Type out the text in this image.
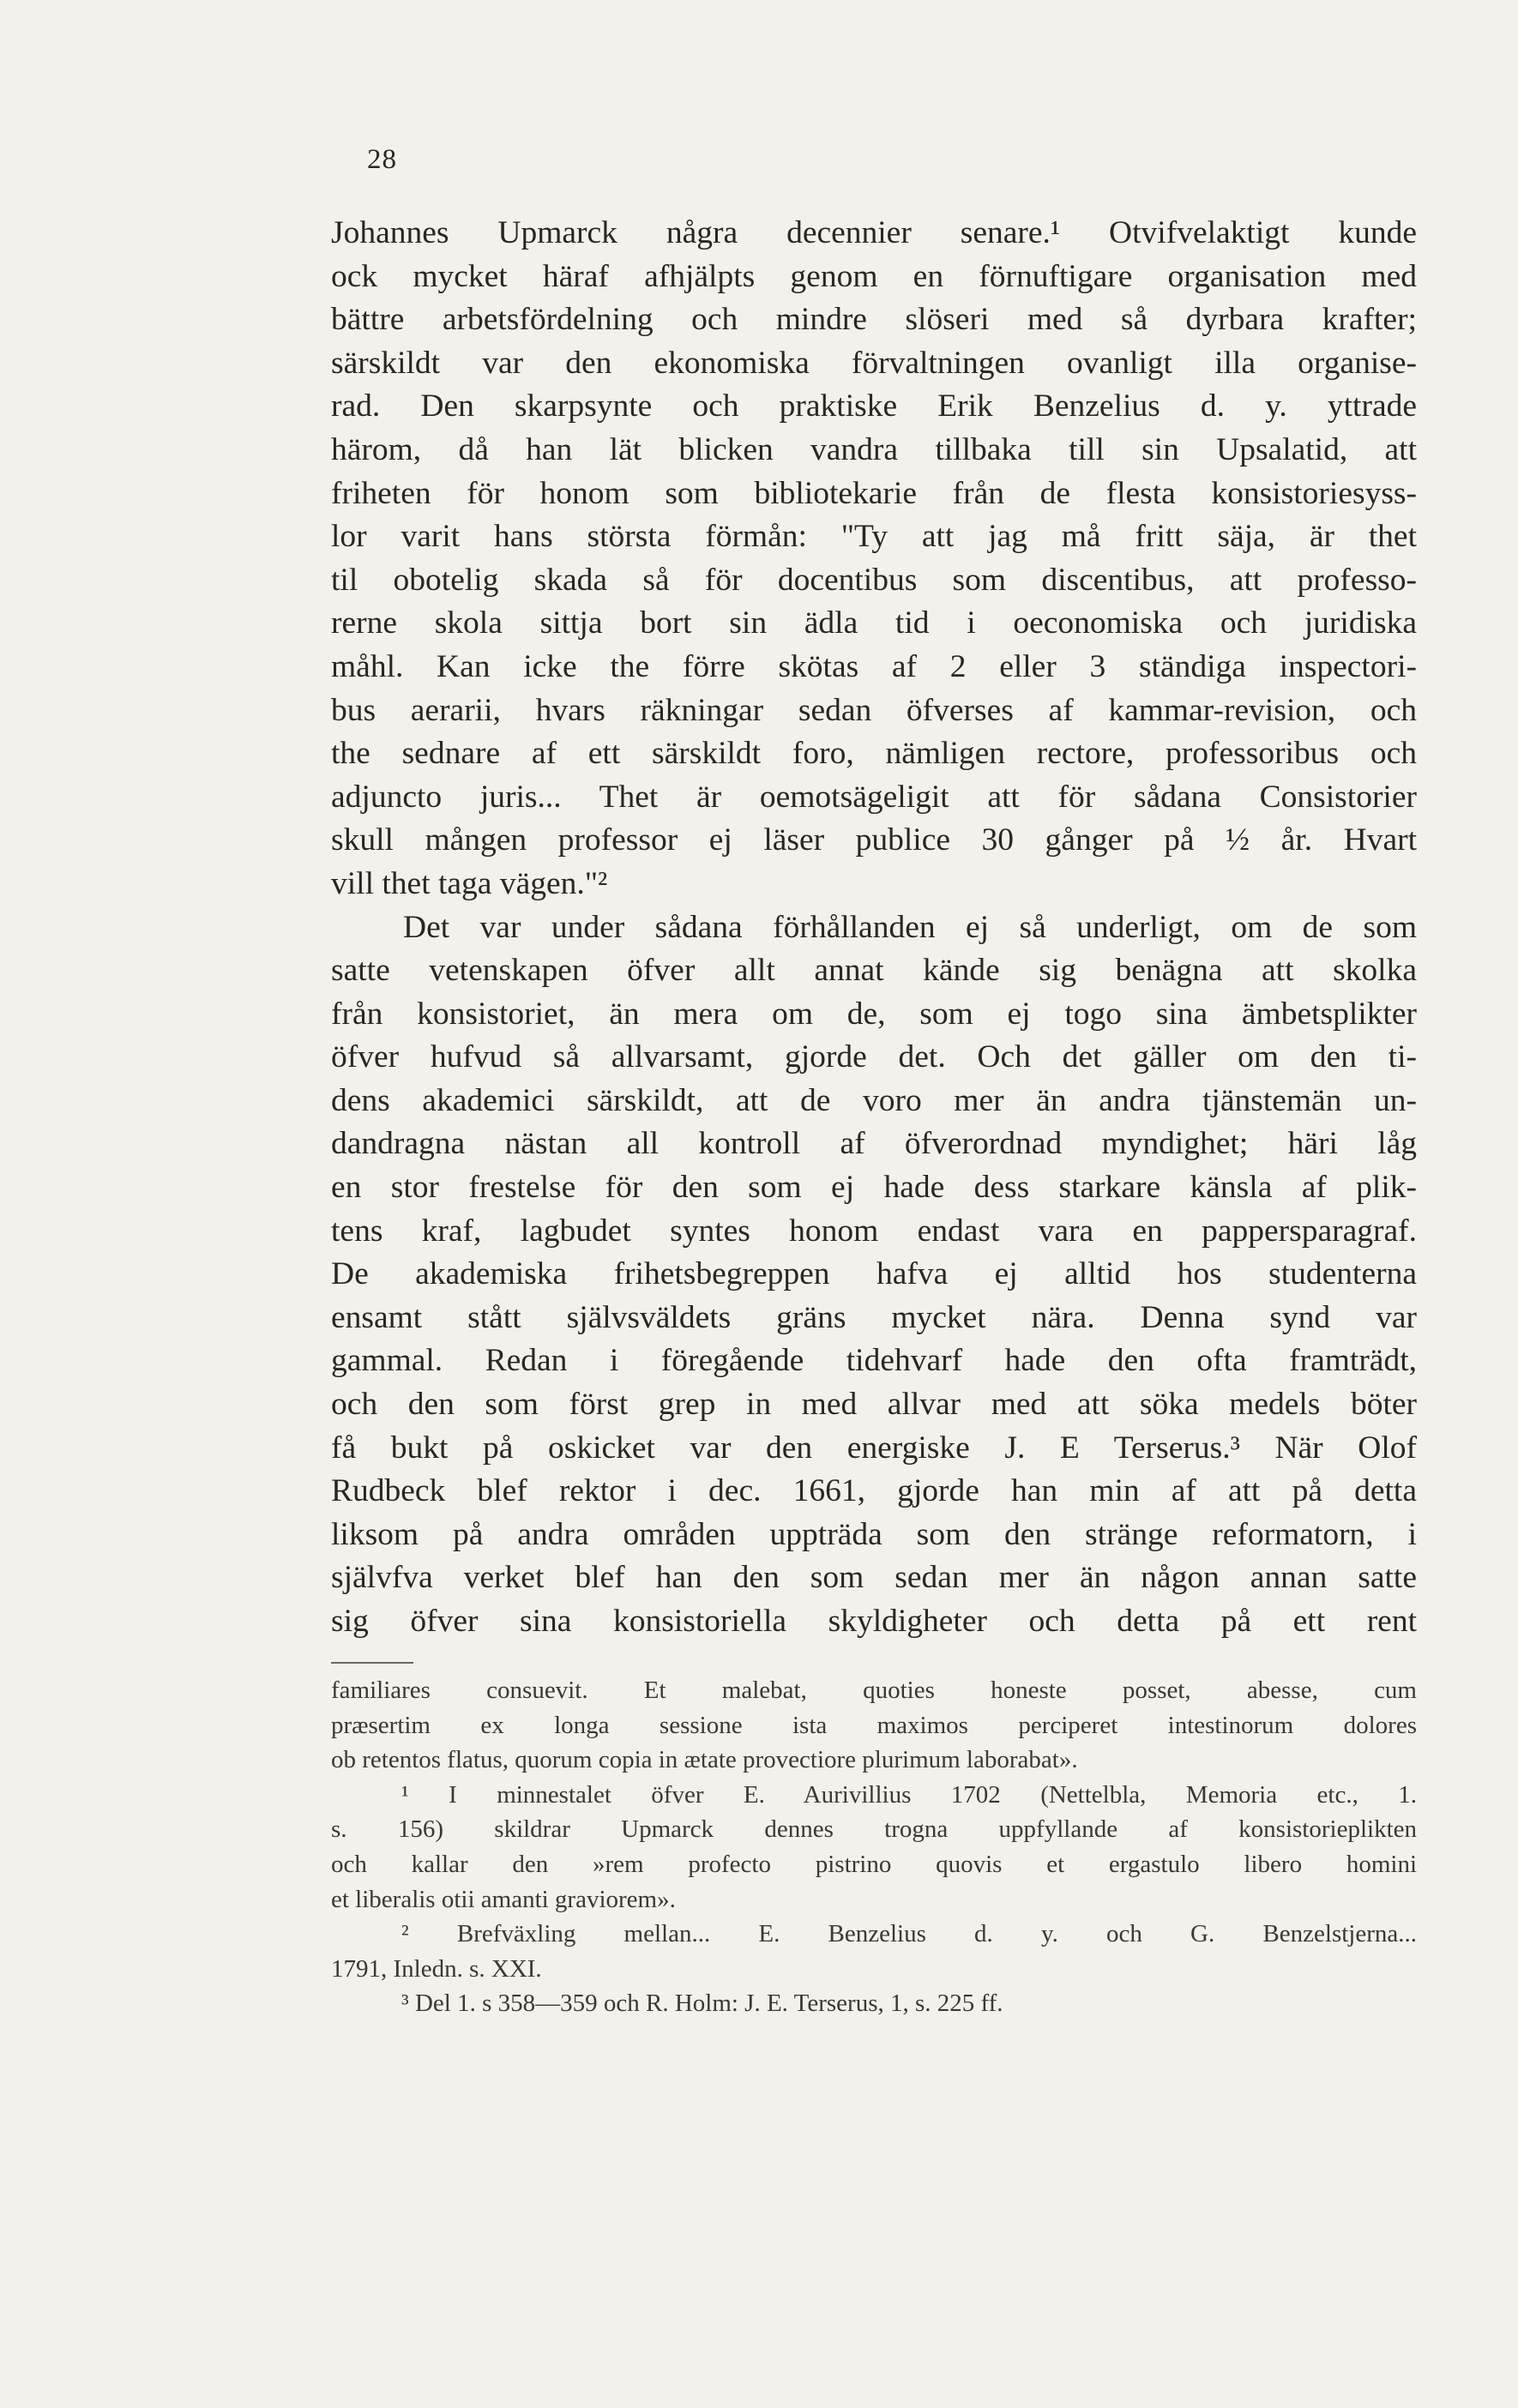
28
Johannes Upmarck några decennier senare.¹ Otvifvelaktigt kunde
ock mycket häraf afhjälpts genom en förnuftigare organisation med
bättre arbetsfördelning och mindre slöseri med så dyrbara krafter;
särskildt var den ekonomiska förvaltningen ovanligt illa organise-
rad. Den skarpsynte och praktiske Erik Benzelius d. y. yttrade
härom, då han lät blicken vandra tillbaka till sin Upsalatid, att
friheten för honom som bibliotekarie från de flesta konsistoriesyss-
lor varit hans största förmån: "Ty att jag må fritt säja, är thet
til obotelig skada så för docentibus som discentibus, att professo-
rerne skola sittja bort sin ädla tid i oeconomiska och juridiska
måhl. Kan icke the förre skötas af 2 eller 3 ständiga inspectori-
bus aerarii, hvars räkningar sedan öfverses af kammar-revision, och
the sednare af ett särskildt foro, nämligen rectore, professoribus och
adjuncto juris... Thet är oemotsägeligit att för sådana Consistorier
skull mången professor ej läser publice 30 gånger på ½ år. Hvart
vill thet taga vägen."²
Det var under sådana förhållanden ej så underligt, om de som
satte vetenskapen öfver allt annat kände sig benägna att skolka
från konsistoriet, än mera om de, som ej togo sina ämbetsplikter
öfver hufvud så allvarsamt, gjorde det. Och det gäller om den ti-
dens akademici särskildt, att de voro mer än andra tjänstemän un-
dandragna nästan all kontroll af öfverordnad myndighet; häri låg
en stor frestelse för den som ej hade dess starkare känsla af plik-
tens kraf, lagbudet syntes honom endast vara en pappersparagraf.
De akademiska frihetsbegreppen hafva ej alltid hos studenterna
ensamt stått självsväldets gräns mycket nära. Denna synd var
gammal. Redan i föregående tidehvarf hade den ofta framträdt,
och den som först grep in med allvar med att söka medels böter
få bukt på oskicket var den energiske J. E Terserus.³ När Olof
Rudbeck blef rektor i dec. 1661, gjorde han min af att på detta
liksom på andra områden uppträda som den stränge reformatorn, i
självfva verket blef han den som sedan mer än någon annan satte
sig öfver sina konsistoriella skyldigheter och detta på ett rent
familiares consuevit. Et malebat, quoties honeste posset, abesse, cum
præsertim ex longa sessione ista maximos perciperet intestinorum dolores
ob retentos flatus, quorum copia in ætate provectiore plurimum laborabat».
¹ I minnestalet öfver E. Aurivillius 1702 (Nettelbla, Memoria etc., 1.
s. 156) skildrar Upmarck dennes trogna uppfyllande af konsistorieplikten
och kallar den »rem profecto pistrino quovis et ergastulo libero homini
et liberalis otii amanti graviorem».
² Brefväxling mellan... E. Benzelius d. y. och G. Benzelstjerna...
1791, Inledn. s. XXI.
³ Del 1. s 358—359 och R. Holm: J. E. Terserus, 1, s. 225 ff.
